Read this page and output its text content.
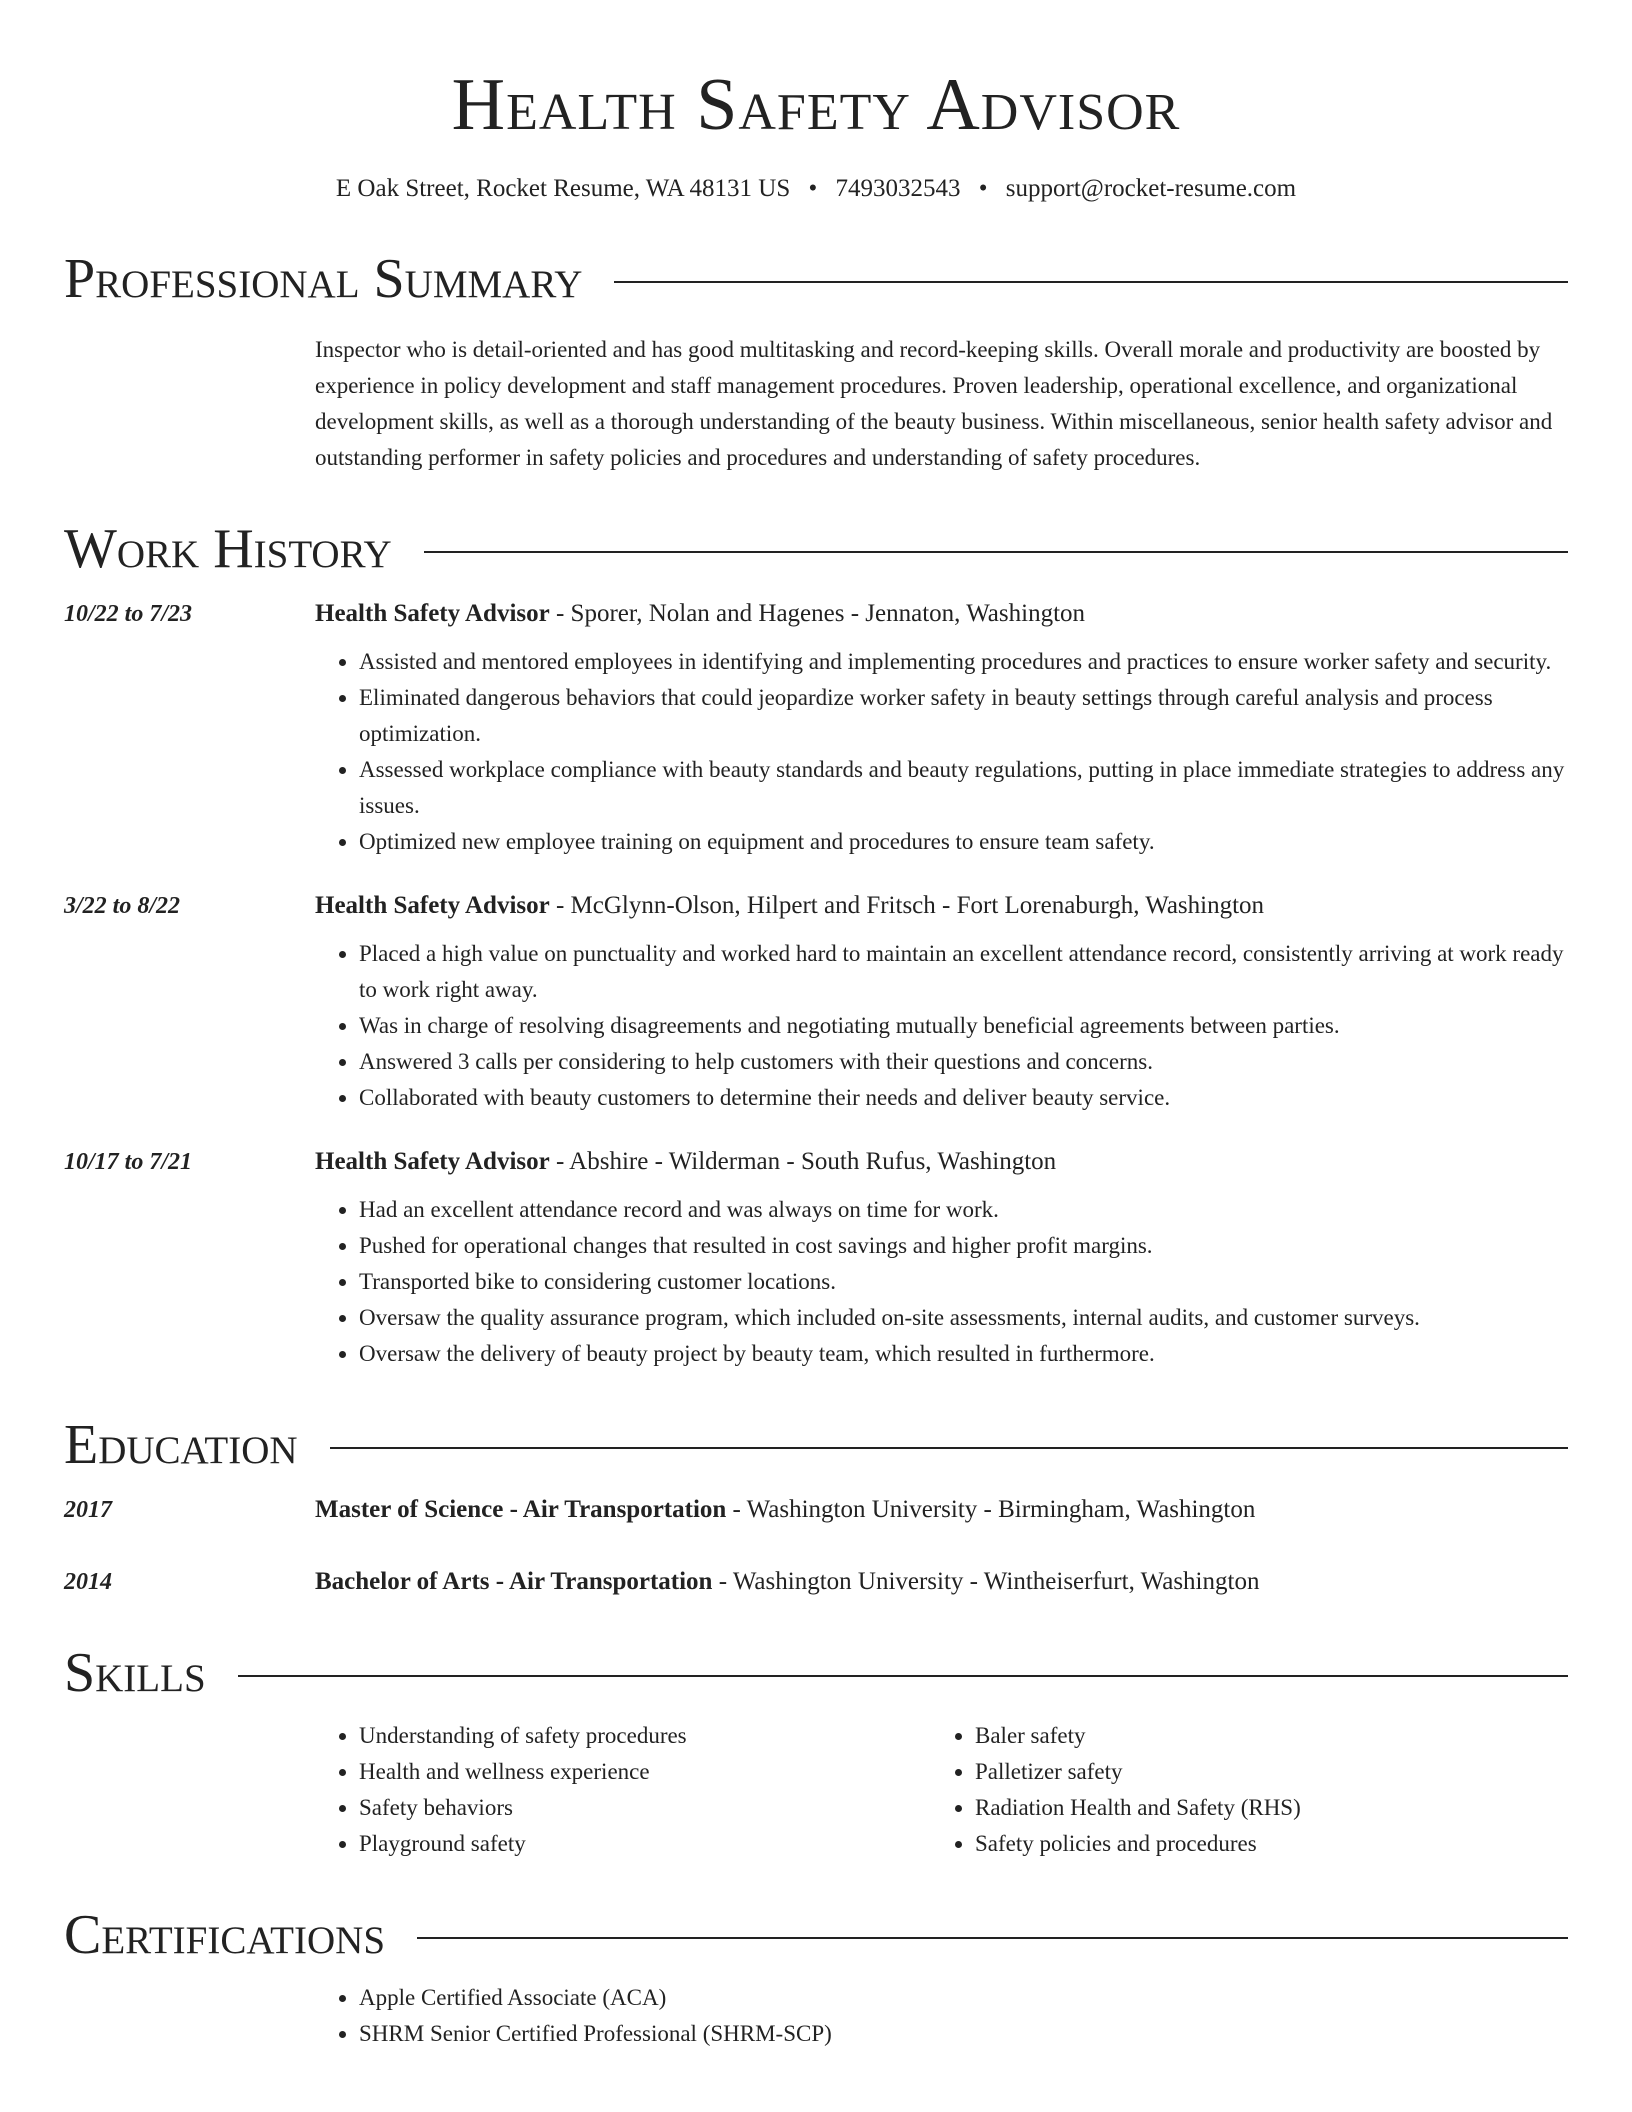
Health Safety Advisor
E Oak Street, Rocket Resume, WA 48131 US • 7493032543 • support@rocket-resume.com
Professional Summary
Inspector who is detail-oriented and has good multitasking and record-keeping skills. Overall morale and productivity are boosted by experience in policy development and staff management procedures. Proven leadership, operational excellence, and organizational development skills, as well as a thorough understanding of the beauty business. Within miscellaneous, senior health safety advisor and outstanding performer in safety policies and procedures and understanding of safety procedures.
Work History
10/22 to 7/23	Health Safety Advisor - Sporer, Nolan and Hagenes - Jennaton, Washington
• Assisted and mentored employees in identifying and implementing procedures and practices to ensure worker safety and security.
• Eliminated dangerous behaviors that could jeopardize worker safety in beauty settings through careful analysis and process optimization.
• Assessed workplace compliance with beauty standards and beauty regulations, putting in place immediate strategies to address any issues.
• Optimized new employee training on equipment and procedures to ensure team safety.
3/22 to 8/22	Health Safety Advisor - McGlynn-Olson, Hilpert and Fritsch - Fort Lorenaburgh, Washington
• Placed a high value on punctuality and worked hard to maintain an excellent attendance record, consistently arriving at work ready to work right away.
• Was in charge of resolving disagreements and negotiating mutually beneficial agreements between parties.
• Answered 3 calls per considering to help customers with their questions and concerns.
• Collaborated with beauty customers to determine their needs and deliver beauty service.
10/17 to 7/21	Health Safety Advisor - Abshire - Wilderman - South Rufus, Washington
• Had an excellent attendance record and was always on time for work.
• Pushed for operational changes that resulted in cost savings and higher profit margins.
• Transported bike to considering customer locations.
• Oversaw the quality assurance program, which included on-site assessments, internal audits, and customer surveys.
• Oversaw the delivery of beauty project by beauty team, which resulted in furthermore.
Education
2017	Master of Science - Air Transportation - Washington University - Birmingham, Washington
2014	Bachelor of Arts - Air Transportation - Washington University - Wintheiserfurt, Washington
Skills
• Understanding of safety procedures
• Health and wellness experience
• Safety behaviors
• Playground safety
• Baler safety
• Palletizer safety
• Radiation Health and Safety (RHS)
• Safety policies and procedures
Certifications
• Apple Certified Associate (ACA)
• SHRM Senior Certified Professional (SHRM-SCP)
